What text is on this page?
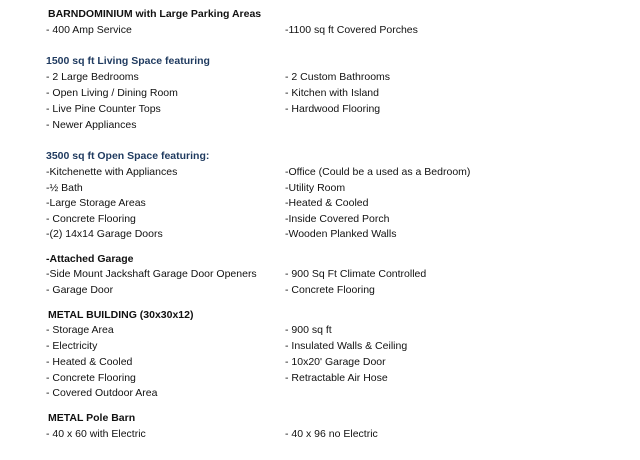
BARNDOMINIUM with Large Parking Areas
- 400 Amp Service	-1100 sq ft Covered Porches
1500 sq ft Living Space featuring
- 2 Large Bedrooms
- Open Living / Dining Room
- Live Pine Counter Tops
- Newer Appliances
- 2 Custom Bathrooms
- Kitchen with Island
- Hardwood Flooring
3500 sq ft Open Space featuring:
-Kitchenette with Appliances
-½ Bath
-Large Storage Areas
- Concrete Flooring
-(2) 14x14 Garage Doors
-Office (Could be a used as a Bedroom)
-Utility Room
-Heated & Cooled
-Inside Covered Porch
-Wooden Planked Walls
-Attached Garage
-Side Mount Jackshaft Garage Door Openers
- Garage Door
- 900 Sq Ft Climate Controlled
- Concrete Flooring
METAL BUILDING (30x30x12)
- Storage Area
- Electricity
- Heated & Cooled
- Concrete Flooring
- Covered Outdoor Area
- 900 sq ft
- Insulated Walls & Ceiling
- 10x20' Garage Door
- Retractable Air Hose
METAL Pole Barn
- 40 x 60 with Electric	- 40 x 96 no Electric
